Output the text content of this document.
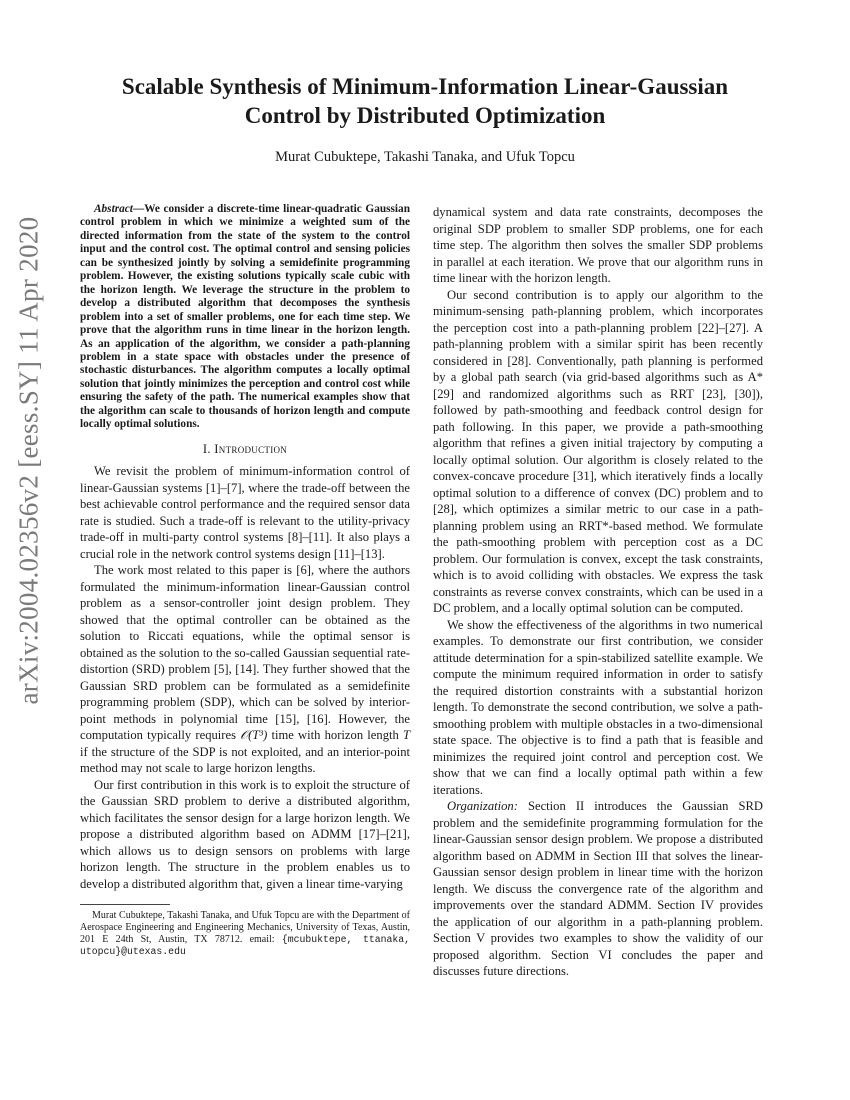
arXiv:2004.02356v2 [eess.SY] 11 Apr 2020
Scalable Synthesis of Minimum-Information Linear-Gaussian
Control by Distributed Optimization
Murat Cubuktepe, Takashi Tanaka, and Ufuk Topcu

Abstract—We consider a discrete-time linear-quadratic Gaussian control problem in which we minimize a weighted sum of the directed information from the state of the system to the control input and the control cost. The optimal control and sensing policies can be synthesized jointly by solving a semidefinite programming problem. However, the existing solutions typically scale cubic with the horizon length. We leverage the structure in the problem to develop a distributed algorithm that decomposes the synthesis problem into a set of smaller problems, one for each time step. We prove that the algorithm runs in time linear in the horizon length. As an application of the algorithm, we consider a path-planning problem in a state space with obstacles under the presence of stochastic disturbances. The algorithm computes a locally optimal solution that jointly minimizes the perception and control cost while ensuring the safety of the path. The numerical examples show that the algorithm can scale to thousands of horizon length and compute locally optimal solutions.

I. Introduction

We revisit the problem of minimum-information control of linear-Gaussian systems [1]–[7], where the trade-off between the best achievable control performance and the required sensor data rate is studied. Such a trade-off is relevant to the utility-privacy trade-off in multi-party control systems [8]–[11]. It also plays a crucial role in the network control systems design [11]–[13].

The work most related to this paper is [6], where the authors formulated the minimum-information linear-Gaussian control problem as a sensor-controller joint design problem. They showed that the optimal controller can be obtained as the solution to Riccati equations, while the optimal sensor is obtained as the solution to the so-called Gaussian sequential rate-distortion (SRD) problem [5], [14]. They further showed that the Gaussian SRD problem can be formulated as a semidefinite programming problem (SDP), which can be solved by interior-point methods in polynomial time [15], [16]. However, the computation typically requires 𝒪(T³) time with horizon length T if the structure of the SDP is not exploited, and an interior-point method may not scale to large horizon lengths.

Our first contribution in this work is to exploit the structure of the Gaussian SRD problem to derive a distributed algorithm, which facilitates the sensor design for a large horizon length. We propose a distributed algorithm based on ADMM [17]–[21], which allows us to design sensors on problems with large horizon length. The structure in the problem enables us to develop a distributed algorithm that, given a linear time-varying

Murat Cubuktepe, Takashi Tanaka, and Ufuk Topcu are with the Department of Aerospace Engineering and Engineering Mechanics, University of Texas, Austin, 201 E 24th St, Austin, TX 78712. email: {mcubuktepe, ttanaka, utopcu}@utexas.edu

dynamical system and data rate constraints, decomposes the original SDP problem to smaller SDP problems, one for each time step. The algorithm then solves the smaller SDP problems in parallel at each iteration. We prove that our algorithm runs in time linear with the horizon length.

Our second contribution is to apply our algorithm to the minimum-sensing path-planning problem, which incorporates the perception cost into a path-planning problem [22]–[27]. A path-planning problem with a similar spirit has been recently considered in [28]. Conventionally, path planning is performed by a global path search (via grid-based algorithms such as A* [29] and randomized algorithms such as RRT [23], [30]), followed by path-smoothing and feedback control design for path following. In this paper, we provide a path-smoothing algorithm that refines a given initial trajectory by computing a locally optimal solution. Our algorithm is closely related to the convex-concave procedure [31], which iteratively finds a locally optimal solution to a difference of convex (DC) problem and to [28], which optimizes a similar metric to our case in a path-planning problem using an RRT*-based method. We formulate the path-smoothing problem with perception cost as a DC problem. Our formulation is convex, except the task constraints, which is to avoid colliding with obstacles. We express the task constraints as reverse convex constraints, which can be used in a DC problem, and a locally optimal solution can be computed.

We show the effectiveness of the algorithms in two numerical examples. To demonstrate our first contribution, we consider attitude determination for a spin-stabilized satellite example. We compute the minimum required information in order to satisfy the required distortion constraints with a substantial horizon length. To demonstrate the second contribution, we solve a path-smoothing problem with multiple obstacles in a two-dimensional state space. The objective is to find a path that is feasible and minimizes the required joint control and perception cost. We show that we can find a locally optimal path within a few iterations.

Organization: Section II introduces the Gaussian SRD problem and the semidefinite programming formulation for the linear-Gaussian sensor design problem. We propose a distributed algorithm based on ADMM in Section III that solves the linear-Gaussian sensor design problem in linear time with the horizon length. We discuss the convergence rate of the algorithm and improvements over the standard ADMM. Section IV provides the application of our algorithm in a path-planning problem. Section V provides two examples to show the validity of our proposed algorithm. Section VI concludes the paper and discusses future directions.
